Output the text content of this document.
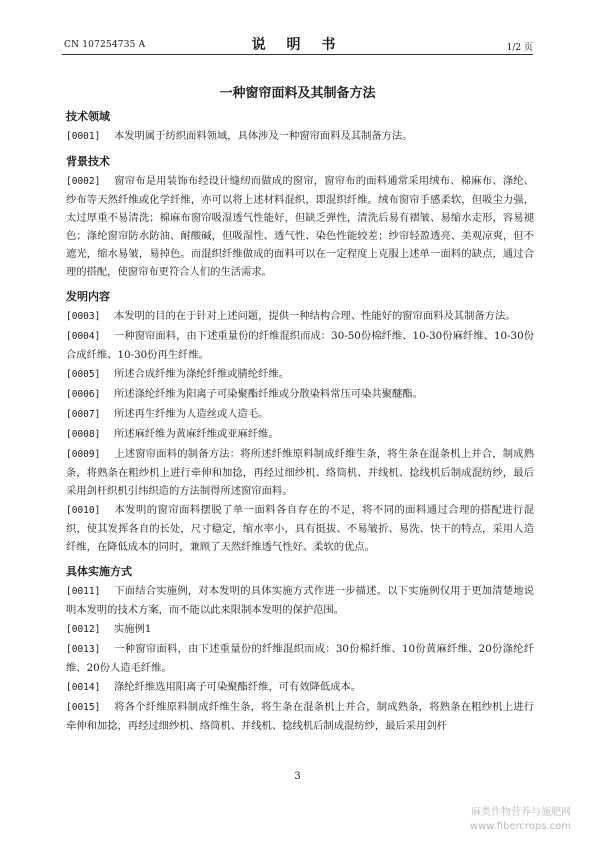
CN 107254735 A	说 明 书	1/2 页
一种窗帘面料及其制备方法
技术领域
[0001] 本发明属于纺织面料领域，具体涉及一种窗帘面料及其制备方法。
背景技术
[0002] 窗帘布是用装饰布经设计缝纫而做成的窗帘，窗帘布的面料通常采用绒布、棉麻布、涤纶、纱布等天然纤维或化学纤维，亦可以将上述材料混织，即混织纤维。绒布窗帘手感柔软，但吸尘力强，太过厚重不易清洗；棉麻布窗帘吸湿透气性能好，但缺乏弹性，清洗后易有褶皱、易缩水走形，容易褪色；涤纶窗帘防水防油、耐酸碱，但吸湿性、透气性、染色性能较差；纱帘轻盈透亮、美观凉爽，但不遮光，缩水易皱，易掉色。而混织纤维做成的面料可以在一定程度上克服上述单一面料的缺点，通过合理的搭配，使窗帘布更符合人们的生活需求。
发明内容
[0003] 本发明的目的在于针对上述问题，提供一种结构合理、性能好的窗帘面料及其制备方法。
[0004] 一种窗帘面料，由下述重量份的纤维混织而成：30-50份棉纤维、10-30份麻纤维、10-30份合成纤维、10-30份再生纤维。
[0005] 所述合成纤维为涤纶纤维或腈纶纤维。
[0006] 所述涤纶纤维为阳离子可染聚酯纤维或分散染料常压可染共聚醚酯。
[0007] 所述再生纤维为人造丝或人造毛。
[0008] 所述麻纤维为黄麻纤维或亚麻纤维。
[0009] 上述窗帘面料的制备方法：将所述纤维原料制成纤维生条，将生条在混条机上并合，制成熟条，将熟条在粗纱机上进行牵伸和加捻，再经过细纱机、络筒机、并线机、捻线机后制成混纺纱，最后采用剑杆织机引纬织造的方法制得所述窗帘面料。
[0010] 本发明的窗帘面料摆脱了单一面料各自存在的不足，将不同的面料通过合理的搭配进行混织，使其发挥各自的长处，尺寸稳定，缩水率小，具有挺拔、不易皱折、易洗、快干的特点，采用人造纤维，在降低成本的同时，兼顾了天然纤维透气性好、柔软的优点。
具体实施方式
[0011] 下面结合实施例，对本发明的具体实施方式作进一步描述。以下实施例仅用于更加清楚地说明本发明的技术方案，而不能以此来限制本发明的保护范围。
[0012] 实施例1
[0013] 一种窗帘面料，由下述重量份的纤维混织而成：30份棉纤维、10份黄麻纤维、20份涤纶纤维、20份人造毛纤维。
[0014] 涤纶纤维选用阳离子可染聚酯纤维，可有效降低成本。
[0015] 将各个纤维原料制成纤维生条，将生条在混条机上并合，制成熟条，将熟条在粗纱机上进行牵伸和加捻，再经过细纱机、络筒机、并线机、捻线机后制成混纺纱，最后采用剑杆
3
麻类作物营养与施肥网
www.fibercrops.com
